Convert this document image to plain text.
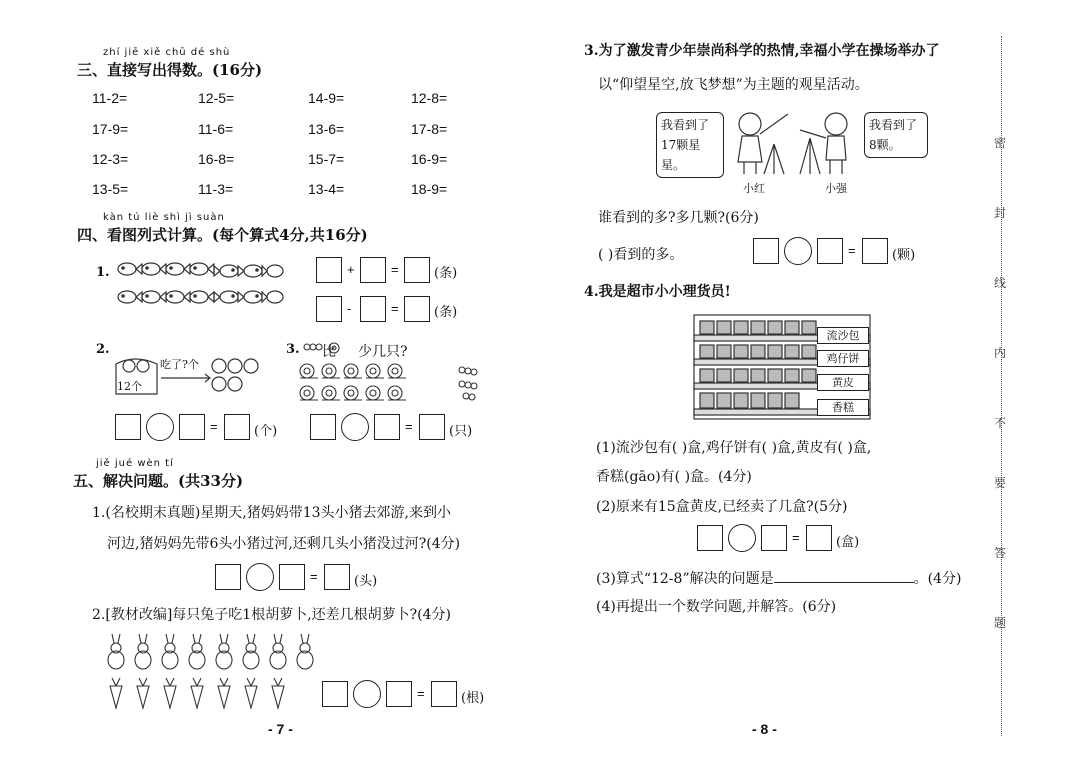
zhí jiē xiě chū dé shù
三、直接写出得数。(16分)
11-2=	12-5=	14-9=	12-8=
17-9=	11-6=	13-6=	17-8=
12-3=	16-8=	15-7=	16-9=
13-5=	11-3=	13-4=	18-9=
kàn tú liè shì jì suàn
四、看图列式计算。(每个算式4分,共16分)
1.	+	=	(条)
-	=	(条)
2.
12个
吃了?个
=	(个)
3. 比 少几只?
=	(只)
jiě jué wèn tí
五、解决问题。(共33分)
1.(名校期末真题)星期天,猪妈妈带13头小猪去郊游,来到小
河边,猪妈妈先带6头小猪过河,还剩几头小猪没过河?(4分)
=	(头)
2.[教材改编]每只兔子吃1根胡萝卜,还差几根胡萝卜?(4分)
=	(根)
- 7 -
3.为了激发青少年崇尚科学的热情,幸福小学在操场举办了
以“仰望星空,放飞梦想”为主题的观星活动。
我看到了17颗星星。
我看到了8颗。
小红	小强
谁看到的多?多几颗?(6分)
( )看到的多。	=	(颗)
4.我是超市小小理货员!
流沙包
鸡仔饼
黄皮
香糕
(1)流沙包有( )盒,鸡仔饼有( )盒,黄皮有( )盒,
香糕(gāo)有( )盒。(4分)
(2)原来有15盒黄皮,已经卖了几盒?(5分)
=	(盒)
(3)算式“12-8”解决的问题是	。(4分)
(4)再提出一个数学问题,并解答。(6分)
- 8 -
密
封
线
内
不
要
答
题
